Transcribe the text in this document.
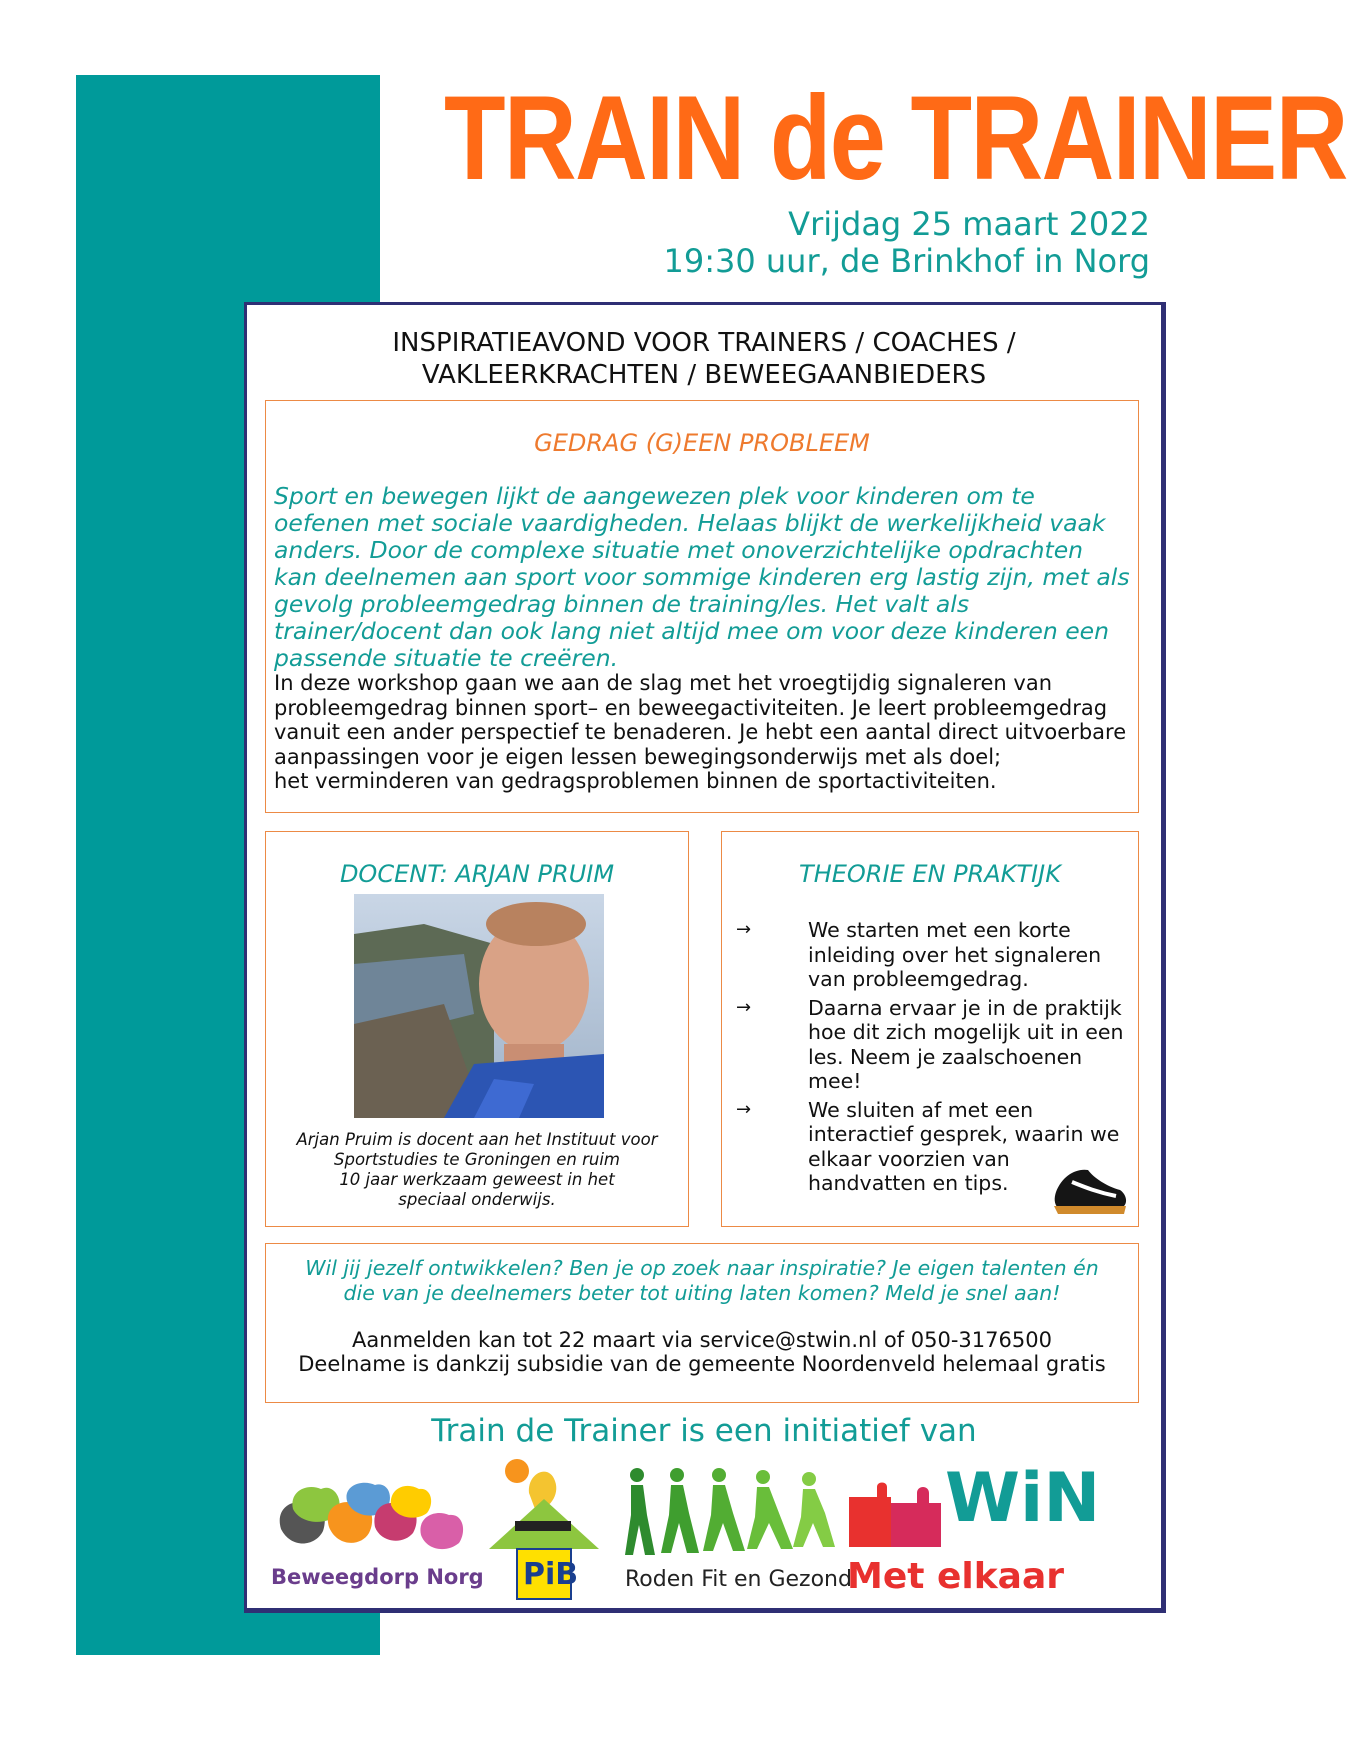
TRAIN de TRAINER
Vrijdag 25 maart 2022
19:30 uur, de Brinkhof in Norg
INSPIRATIEAVOND VOOR TRAINERS / COACHES /
VAKLEERKRACHTEN / BEWEEGAANBIEDERS
GEDRAG (G)EEN PROBLEEM
Sport en bewegen lijkt de aangewezen plek voor kinderen om te oefenen met sociale vaardigheden. Helaas blijkt de werkelijkheid vaak anders. Door de complexe situatie met onoverzichtelijke opdrachten kan deelnemen aan sport voor sommige kinderen erg lastig zijn, met als gevolg probleemgedrag binnen de training/les. Het valt als trainer/docent dan ook lang niet altijd mee om voor deze kinderen een passende situatie te creëren.
In deze workshop gaan we aan de slag met het vroegtijdig signaleren van probleemgedrag binnen sport– en beweegactiviteiten. Je leert probleemgedrag vanuit een ander perspectief te benaderen. Je hebt een aantal direct uitvoerbare aanpassingen voor je eigen lessen bewegingsonderwijs met als doel;
het verminderen van gedragsproblemen binnen de sportactiviteiten.
DOCENT: ARJAN PRUIM
Arjan Pruim is docent aan het Instituut voor
Sportstudies te Groningen en ruim
10 jaar werkzaam geweest in het
speciaal onderwijs.
THEORIE EN PRAKTIJK
→	We starten met een korte inleiding over het signaleren van probleemgedrag.
→	Daarna ervaar je in de praktijk hoe dit zich mogelijk uit in een les. Neem je zaalschoenen mee!
→	We sluiten af met een interactief gesprek, waarin we elkaar voorzien van handvatten en tips.
Wil jij jezelf ontwikkelen? Ben je op zoek naar inspiratie? Je eigen talenten én
die van je deelnemers beter tot uiting laten komen? Meld je snel aan!
Aanmelden kan tot 22 maart via service@stwin.nl of 050-3176500
Deelname is dankzij subsidie van de gemeente Noordenveld helemaal gratis
Train de Trainer is een initiatief van
Beweegdorp Norg PiB Roden Fit en Gezond
WiN
Met elkaar
